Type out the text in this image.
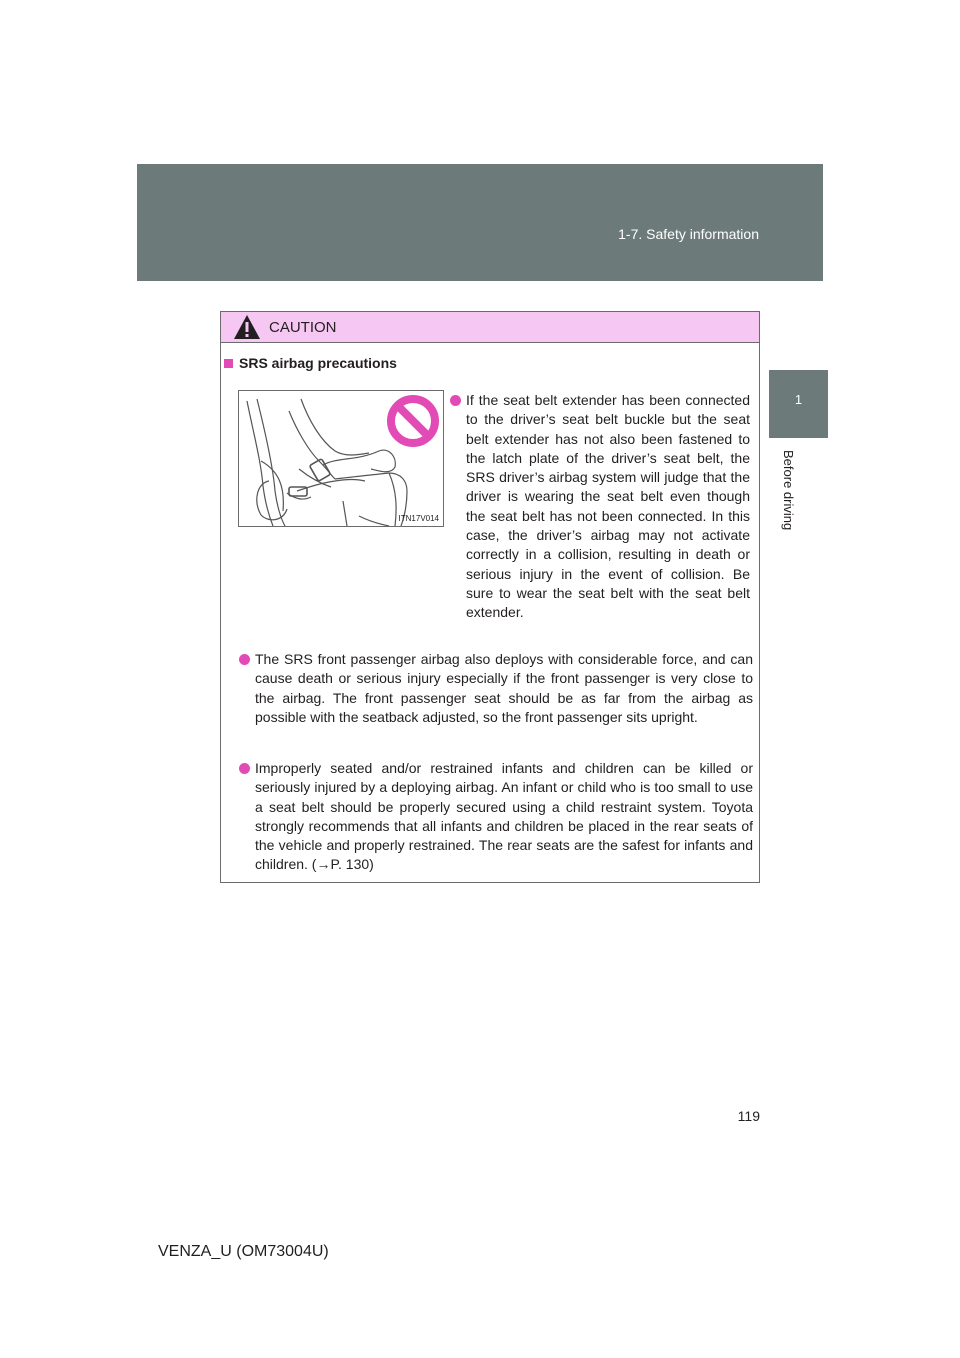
1-7. Safety information
1
Before driving
CAUTION
SRS airbag precautions
ITN17V014
If the seat belt extender has been connected to the driver’s seat belt buckle but the seat belt extender has not also been fastened to the latch plate of the driver’s seat belt, the SRS driver’s airbag system will judge that the driver is wearing the seat belt even though the seat belt has not been connected. In this case, the driver’s airbag may not activate correctly in a collision, resulting in death or serious injury in the event of collision. Be sure to wear the seat belt with the seat belt extender.
The SRS front passenger airbag also deploys with considerable force, and can cause death or serious injury especially if the front passenger is very close to the airbag. The front passenger seat should be as far from the airbag as possible with the seatback adjusted, so the front passenger sits upright.
Improperly seated and/or restrained infants and children can be killed or seriously injured by a deploying airbag. An infant or child who is too small to use a seat belt should be properly secured using a child restraint system. Toyota strongly recommends that all infants and children be placed in the rear seats of the vehicle and properly restrained. The rear seats are the safest for infants and children. (→P. 130)
119
VENZA_U (OM73004U)
